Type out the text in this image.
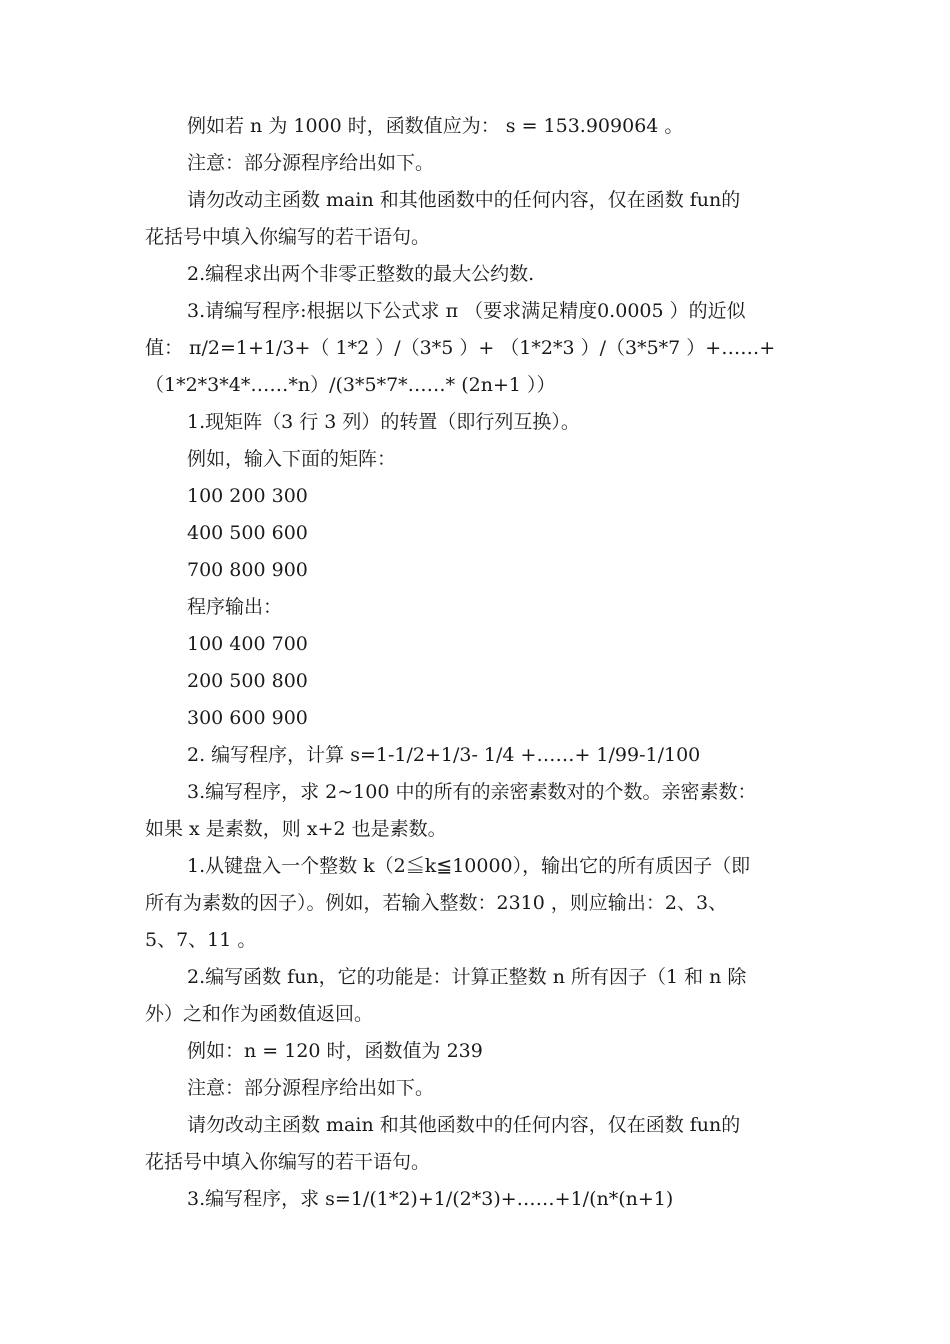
例如若 n 为 1000 时，函数值应为： s = 153.909064 。
注意：部分源程序给出如下。
请勿改动主函数 main 和其他函数中的任何内容，仅在函数 fun的
花括号中填入你编写的若干语句。
2.编程求出两个非零正整数的最大公约数.
3.请编写程序:根据以下公式求 π （要求满足精度0.0005 ）的近似
值： π/2=1+1/3+（ 1*2 ）/（3*5 ）+ （1*2*3 ）/（3*5*7 ）+……+
（1*2*3*4*……*n）/(3*5*7*……* (2n+1 ））
1.现矩阵（3 行 3 列）的转置（即行列互换）。
例如，输入下面的矩阵：
100 200 300
400 500 600
700 800 900
程序输出：
100 400 700
200 500 800
300 600 900
2. 编写程序，计算 s=1-1/2+1/3- 1/4 +……+ 1/99-1/100
3.编写程序，求 2~100 中的所有的亲密素数对的个数。亲密素数：
如果 x 是素数，则 x+2 也是素数。
1.从键盘入一个整数 k（2≦k≦10000），输出它的所有质因子（即
所有为素数的因子）。例如，若输入整数：2310 ，则应输出：2、3、
5、7、11 。
2.编写函数 fun，它的功能是：计算正整数 n 所有因子（1 和 n 除
外）之和作为函数值返回。
例如：n = 120 时，函数值为 239
注意：部分源程序给出如下。
请勿改动主函数 main 和其他函数中的任何内容，仅在函数 fun的
花括号中填入你编写的若干语句。
3.编写程序，求 s=1/(1*2)+1/(2*3)+……+1/(n*(n+1)
